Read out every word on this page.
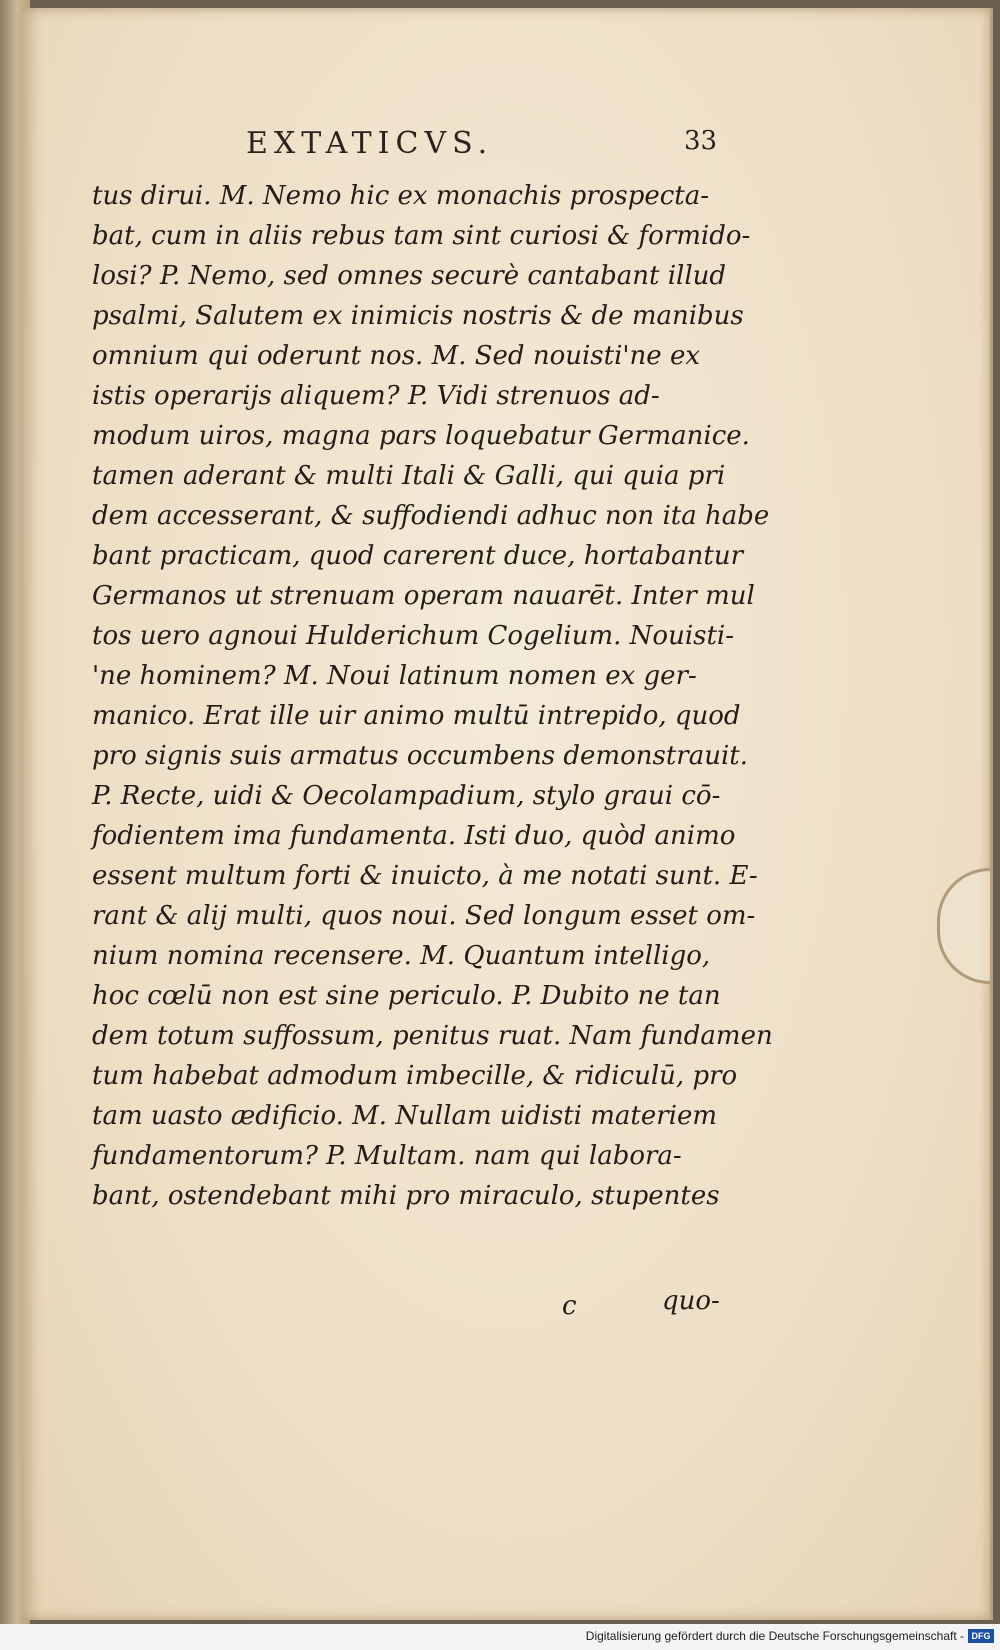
EXTATICVS.	33
tus dirui. M. Nemo hic ex monachis prospecta-
bat, cum in aliis rebus tam sint curiosi & formido-
losi? P. Nemo, sed omnes securè cantabant illud
psalmi, Salutem ex inimicis nostris & de manibus
omnium qui oderunt nos. M. Sed nouisti'ne ex
istis operarijs aliquem? P. Vidi strenuos ad-
modum uiros, magna pars loquebatur Germanice.
tamen aderant & multi Itali & Galli, qui quia pri
dem accesserant, & suffodiendi adhuc non ita habe
bant practicam, quod carerent duce, hortabantur
Germanos ut strenuam operam nauarēt. Inter mul
tos uero agnoui Hulderichum Cogelium. Nouisti-
'ne hominem? M. Noui latinum nomen ex ger-
manico. Erat ille uir animo multū intrepido, quod
pro signis suis armatus occumbens demonstrauit.
P. Recte, uidi & Oecolampadium, stylo graui cō-
fodientem ima fundamenta. Isti duo, quòd animo
essent multum forti & inuicto, à me notati sunt. E-
rant & alij multi, quos noui. Sed longum esset om-
nium nomina recensere. M. Quantum intelligo,
hoc cœlū non est sine periculo. P. Dubito ne tan
dem totum suffossum, penitus ruat. Nam fundamen
tum habebat admodum imbecille, & ridiculū, pro
tam uasto ædificio. M. Nullam uidisti materiem
fundamentorum? P. Multam. nam qui labora-
bant, ostendebant mihi pro miraculo, stupentes
c	quo-
Digitalisierung gefördert durch die Deutsche Forschungsgemeinschaft - DFG
